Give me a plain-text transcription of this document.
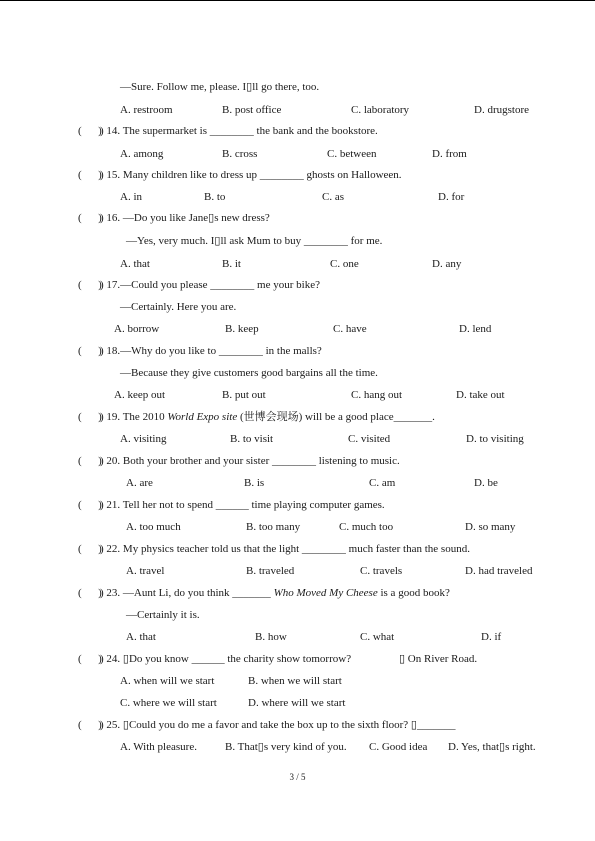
—Sure. Follow me, please. I▯ll go there, too.
A. restroom	B. post office	C. laboratory	D. drugstore
(      )
) 14. The supermarket is ________ the bank and the bookstore.
A. among	B. cross	C. between	D. from
(      )
) 15. Many children like to dress up ________ ghosts on Halloween.
A. in	B. to	C. as	D. for
(      )
) 16. —Do you like Jane▯s new dress?
—Yes, very much. I▯ll ask Mum to buy ________ for me.
A. that	B. it	C. one	D. any
(      )
) 17.—Could you please ________ me your bike?
—Certainly. Here you are.
A. borrow	B. keep	C. have	D. lend
(      )
) 18.—Why do you like to ________ in the malls?
—Because they give customers good bargains all the time.
A. keep out	B. put out	C. hang out	D. take out
(      )
) 19. The 2010 World Expo site (世博会现场) will be a good place_______.
A. visiting	B. to visit	C. visited	D. to visiting
(      )
) 20. Both your brother and your sister ________ listening to music.
A. are	B. is	C. am	D. be
(      )
) 21. Tell her not to spend ______ time playing computer games.
A. too much	B. too many	C. much too	D. so many
(      )
) 22. My physics teacher told us that the light ________ much faster than the sound.
A. travel	B. traveled	C. travels	D. had traveled
(      )
) 23. —Aunt Li, do you think _______ Who Moved My Cheese is a good book?
—Certainly it is.
A. that	B. how	C. what	D. if
(      )
) 24. ▯Do you know ______ the charity show tomorrow?	▯ On River Road.
A. when will we start	B. when we will start
C. where we will start	D. where will we start
(      )
) 25. ▯Could you do me a favor and take the box up to the sixth floor? ▯_______
A. With pleasure.	B. That▯s very kind of you. C. Good idea D. Yes, that▯s right.
3 / 5
